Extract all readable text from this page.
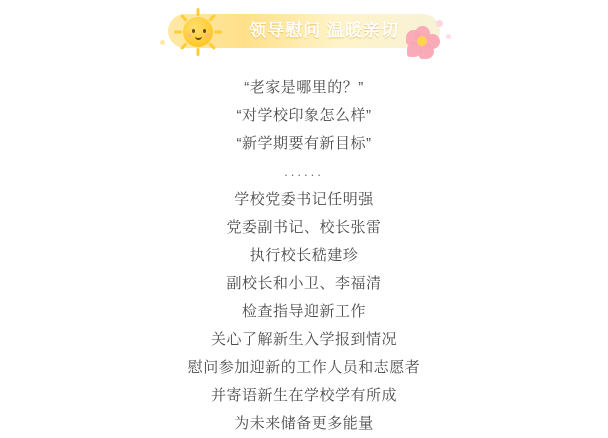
领导慰问 温暖亲切
“老家是哪里的？”
“对学校印象怎么样”
“新学期要有新目标”
......
学校党委书记任明强
党委副书记、校长张雷
执行校长嵇建珍
副校长和小卫、李福清
检查指导迎新工作
关心了解新生入学报到情况
慰问参加迎新的工作人员和志愿者
并寄语新生在学校学有所成
为未来储备更多能量
